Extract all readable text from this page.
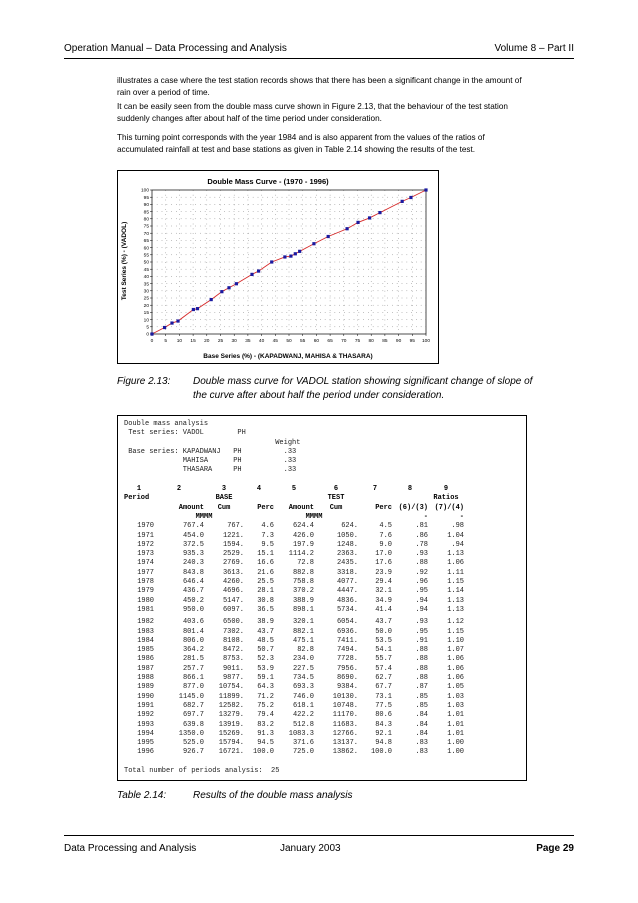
Operation Manual – Data Processing and Analysis	Volume 8 – Part II

illustrates a case where the test station records shows that there has been a significant change in the amount of rain over a period of time.

It can be easily seen from the double mass curve shown in Figure 2.13, that the behaviour of the test station suddenly changes after about half of the time period under consideration.

This turning point corresponds with the year 1984 and is also apparent from the values of the ratios of accumulated rainfall at test and base stations as given in Table 2.14 showing the results of the test.

Double Mass Curve - (1970 - 1996)
0 5 10 15 20 25 30 35 40 45 50 55 60 65 70 75 80 85 90 95 100
0
5
10
15
20
25
30
35
40
45
50
55
60
65
70
75
80
85
90
95
100
Base Series (%) - (KAPADWANJ, MAHISA & THASARA)
Test Series (%) - (VADOL)
Figure 2.13:	Double mass curve for VADOL station showing significant change of slope of the curve after about half the period under consideration.
Double mass analysis
Test series: VADOL        PH
Weight
Base series: KAPADWANJ   PH          .33
MAHISA      PH          .33
THASARA     PH          .33
1	2	3	4	5	6	7	8	9
Period	BASE	TEST	Ratios
Amount	Cum	Perc	Amount	Cum	Perc (6)/(3) (7)/(4)
MM MM	MM MM	-	-
1970	767.4	767.	4.6	624.4	624.	4.5	.81	.98
1971	454.0	1221.	7.3	426.0	1050.	7.6	.86	1.04
1972	372.5	1594.	9.5	197.9	1248.	9.0	.78	.94
1973	935.3	2529.	15.1	1114.2	2363.	17.0	.93	1.13
1974	240.3	2769.	16.6	72.8	2435.	17.6	.88	1.06
1977	843.8	3613.	21.6	882.8	3318.	23.9	.92	1.11
1978	646.4	4260.	25.5	758.8	4077.	29.4	.96	1.15
1979	436.7	4696.	28.1	370.2	4447.	32.1	.95	1.14
1980	450.2	5147.	30.8	388.9	4836.	34.9	.94	1.13
1981	950.0	6097.	36.5	898.1	5734.	41.4	.94	1.13
1982	403.6	6500.	38.9	320.1	6054.	43.7	.93	1.12
1983	801.4	7302.	43.7	882.1	6936.	50.0	.95	1.15
1984	806.0	8108.	48.5	475.1	7411.	53.5	.91	1.10
1985	364.2	8472.	50.7	82.8	7494.	54.1	.88	1.07
1986	281.5	8753.	52.3	234.0	7728.	55.7	.88	1.06
1987	257.7	9011.	53.9	227.5	7956.	57.4	.88	1.06
1988	866.1	9877.	59.1	734.5	8690.	62.7	.88	1.06
1989	877.0	10754.	64.3	693.3	9384.	67.7	.87	1.05
1990	1145.0	11899.	71.2	746.0	10130.	73.1	.85	1.03
1991	682.7	12582.	75.2	618.1	10748.	77.5	.85	1.03
1992	697.7	13279.	79.4	422.2	11170.	80.6	.84	1.01
1993	639.8	13919.	83.2	512.8	11683.	84.3	.84	1.01
1994	1350.0	15269.	91.3	1083.3	12766.	92.1	.84	1.01
1995	525.0	15794.	94.5	371.6	13137.	94.8	.83	1.00
1996	926.7	16721.	100.0	725.0	13862.	100.0	.83	1.00
Total number of periods analysis:  25
Table 2.14:	Results of the double mass analysis
Data Processing and Analysis	January 2003	Page 29
